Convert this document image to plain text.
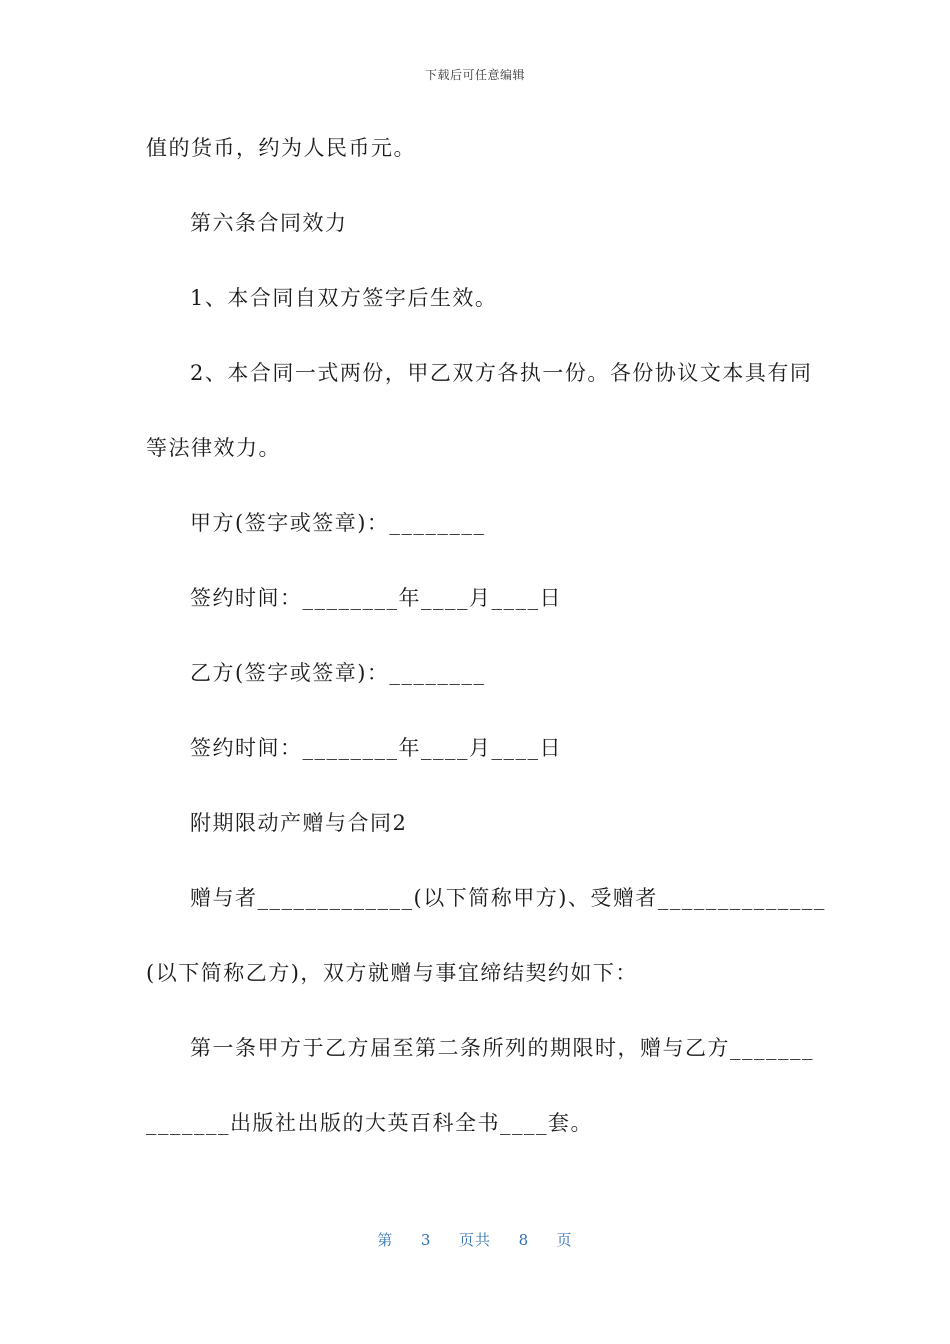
下载后可任意编辑
值的货币，约为人民币元。
第六条合同效力
1、本合同自双方签字后生效。
2、本合同一式两份，甲乙双方各执一份。各份协议文本具有同
等法律效力。
甲方(签字或签章)：________
签约时间：________年____月____日
乙方(签字或签章)：________
签约时间：________年____月____日
附期限动产赠与合同2
赠与者_____________(以下简称甲方)、受赠者______________
(以下简称乙方)，双方就赠与事宜缔结契约如下：
第一条甲方于乙方届至第二条所列的期限时，赠与乙方_______
_______出版社出版的大英百科全书____套。
第 3 页共 8 页
